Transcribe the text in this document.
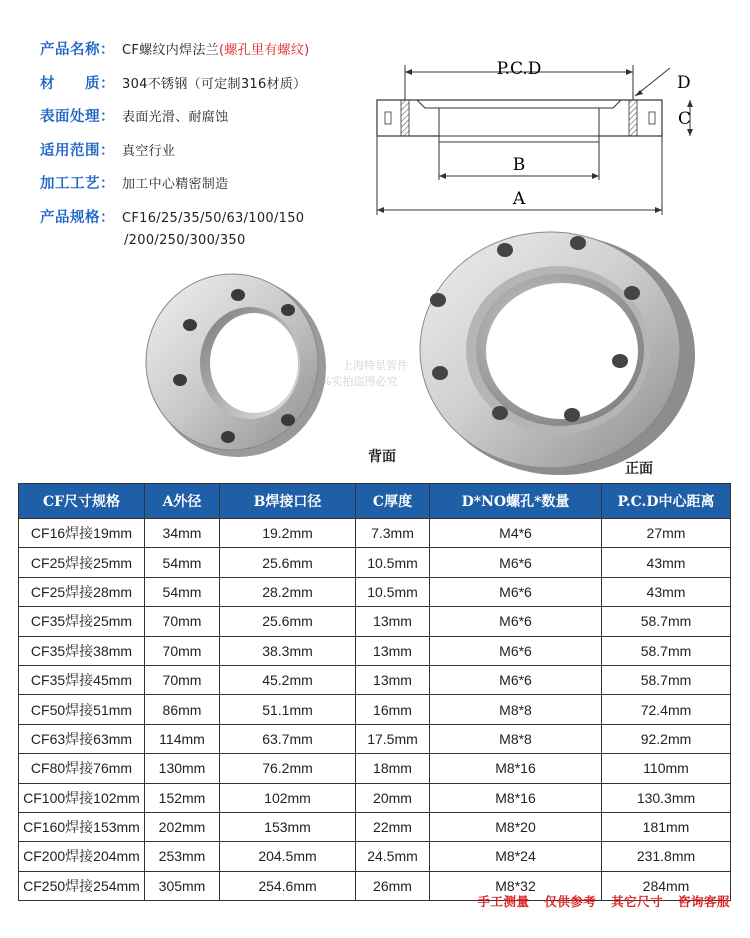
产品名称： CF螺纹内焊法兰(螺孔里有螺纹)
材　　质： 304不锈钢（可定制316材质）
表面处理： 表面光滑、耐腐蚀
适用范围： 真空行业
加工工艺： 加工中心精密制造
产品规格： CF16/25/35/50/63/100/150
/200/250/300/350
P.C.D
D
C
B
A
背面
正面
上海特星管件
100%实拍盗图必究
CF尺寸规格	A外径	B焊接口径	C厚度	D*NO螺孔*数量	P.C.D中心距离
CF16焊接19mm	34mm	19.2mm	7.3mm	M4*6	27mm
CF25焊接25mm	54mm	25.6mm	10.5mm	M6*6	43mm
CF25焊接28mm	54mm	28.2mm	10.5mm	M6*6	43mm
CF35焊接25mm	70mm	25.6mm	13mm	M6*6	58.7mm
CF35焊接38mm	70mm	38.3mm	13mm	M6*6	58.7mm
CF35焊接45mm	70mm	45.2mm	13mm	M6*6	58.7mm
CF50焊接51mm	86mm	51.1mm	16mm	M8*8	72.4mm
CF63焊接63mm	114mm	63.7mm	17.5mm	M8*8	92.2mm
CF80焊接76mm	130mm	76.2mm	18mm	M8*16	110mm
CF100焊接102mm	152mm	102mm	20mm	M8*16	130.3mm
CF160焊接153mm	202mm	153mm	22mm	M8*20	181mm
CF200焊接204mm	253mm	204.5mm	24.5mm	M8*24	231.8mm
CF250焊接254mm	305mm	254.6mm	26mm	M8*32	284mm
手工测量 仅供参考 其它尺寸 咨询客服
